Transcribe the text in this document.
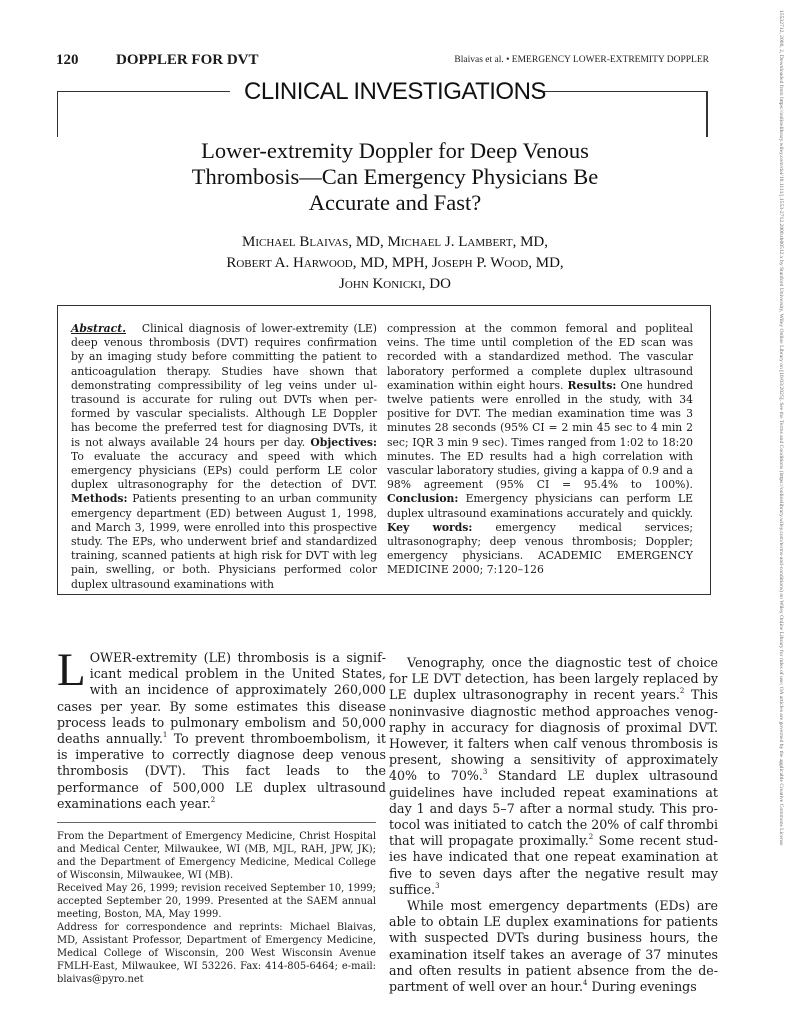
120	DOPPLER FOR DVT	Blaivas et al. • EMERGENCY LOWER-EXTREMITY DOPPLER
CLINICAL INVESTIGATIONS
Lower-extremity Doppler for Deep Venous
Thrombosis—Can Emergency Physicians Be
Accurate and Fast?
Michael Blaivas, MD, Michael J. Lambert, MD,
Robert A. Harwood, MD, MPH, Joseph P. Wood, MD,
John Konicki, DO
Abstract. Clinical diagnosis of lower-extremity (LE) deep venous thrombosis (DVT) requires confirmation by an imaging study before committing the patient to anticoagulation therapy. Studies have shown that demonstrating compressibility of leg veins under ultrasound is accurate for ruling out DVTs when performed by vascular specialists. Although LE Doppler has become the preferred test for diagnosing DVTs, it is not always available 24 hours per day. Objectives: To evaluate the accuracy and speed with which emergency physicians (EPs) could perform LE color duplex ultrasonography for the detection of DVT. Methods: Patients presenting to an urban community emergency department (ED) between August 1, 1998, and March 3, 1999, were enrolled into this prospective study. The EPs, who underwent brief and standardized training, scanned patients at high risk for DVT with leg pain, swelling, or both. Physicians performed color duplex ultrasound examinations with
compression at the common femoral and popliteal veins. The time until completion of the ED scan was recorded with a standardized method. The vascular laboratory performed a complete duplex ultrasound examination within eight hours. Results: One hundred twelve patients were enrolled in the study, with 34 positive for DVT. The median examination time was 3 minutes 28 seconds (95% CI = 2 min 45 sec to 4 min 2 sec; IQR 3 min 9 sec). Times ranged from 1:02 to 18:20 minutes. The ED results had a high correlation with vascular laboratory studies, giving a kappa of 0.9 and a 98% agreement (95% CI = 95.4% to 100%). Conclusion: Emergency physicians can perform LE duplex ultrasound examinations accurately and quickly. Key words: emergency medical services; ultrasonography; deep venous thrombosis; Doppler; emergency physicians. ACADEMIC EMERGENCY MEDICINE 2000; 7:120–126

LOWER-extremity (LE) thrombosis is a significant medical problem in the United States, with an incidence of approximately 260,000 cases per year. By some estimates this disease process leads to pulmonary embolism and 50,000 deaths annually.$^1$ To prevent thromboembolism, it is imperative to correctly diagnose deep venous thrombosis (DVT). This fact leads to the performance of 500,000 LE duplex ultrasound examinations each year.$^2$

From the Department of Emergency Medicine, Christ Hospital and Medical Center, Milwaukee, WI (MB, MJL, RAH, JPW, JK); and the Department of Emergency Medicine, Medical College of Wisconsin, Milwaukee, WI (MB).

Received May 26, 1999; revision received September 10, 1999; accepted September 20, 1999. Presented at the SAEM annual meeting, Boston, MA, May 1999.

Address for correspondence and reprints: Michael Blaivas, MD, Assistant Professor, Department of Emergency Medicine, Medical College of Wisconsin, 200 West Wisconsin Avenue FMLH-East, Milwaukee, WI 53226. Fax: 414-805-6464; e-mail: blaivas@pyro.net

Venography, once the diagnostic test of choice for LE DVT detection, has been largely replaced by LE duplex ultrasonography in recent years.$^2$ This noninvasive diagnostic method approaches venography in accuracy for diagnosis of proximal DVT. However, it falters when calf venous thrombosis is present, showing a sensitivity of approximately 40% to 70%.$^3$ Standard LE duplex ultrasound guidelines have included repeat examinations at day 1 and days 5–7 after a normal study. This protocol was initiated to catch the 20% of calf thrombi that will propagate proximally.$^2$ Some recent studies have indicated that one repeat examination at five to seven days after the negative result may suffice.$^3$

While most emergency departments (EDs) are able to obtain LE duplex examinations for patients with suspected DVTs during business hours, the examination itself takes an average of 37 minutes and often results in patient absence from the department of well over an hour.$^4$ During evenings

15532712, 2000, 2, Downloaded from https://onlinelibrary.wiley.com/doi/10.1111/j.1553-2712.2000.tb00512.x by Stanford University, Wiley Online Library on [10/03/2025]. See the Terms and Conditions (https://onlinelibrary.wiley.com/terms-and-conditions) on Wiley Online Library for rules of use; OA articles are governed by the applicable Creative Commons License
